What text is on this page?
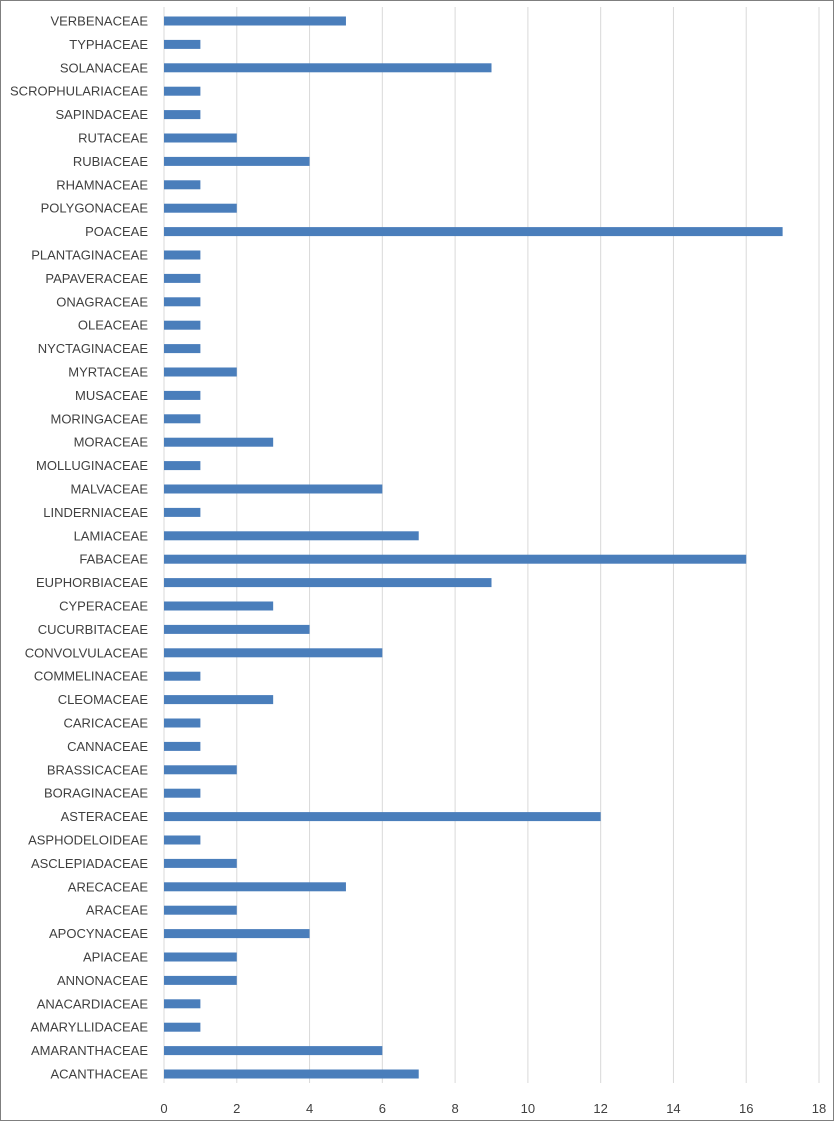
VERBENACEAE
TYPHACEAE
SOLANACEAE
SCROPHULARIACEAE
SAPINDACEAE
RUTACEAE
RUBIACEAE
RHAMNACEAE
POLYGONACEAE
POACEAE
PLANTAGINACEAE
PAPAVERACEAE
ONAGRACEAE
OLEACEAE
NYCTAGINACEAE
MYRTACEAE
MUSACEAE
MORINGACEAE
MORACEAE
MOLLUGINACEAE
MALVACEAE
LINDERNIACEAE
LAMIACEAE
FABACEAE
EUPHORBIACEAE
CYPERACEAE
CUCURBITACEAE
CONVOLVULACEAE
COMMELINACEAE
CLEOMACEAE
CARICACEAE
CANNACEAE
BRASSICACEAE
BORAGINACEAE
ASTERACEAE
ASPHODELOIDEAE
ASCLEPIADACEAE
ARECACEAE
ARACEAE
APOCYNACEAE
APIACEAE
ANNONACEAE
ANACARDIACEAE
AMARYLLIDACEAE
AMARANTHACEAE
ACANTHACEAE
0	2	4	6	8	10	12	14	16	18
